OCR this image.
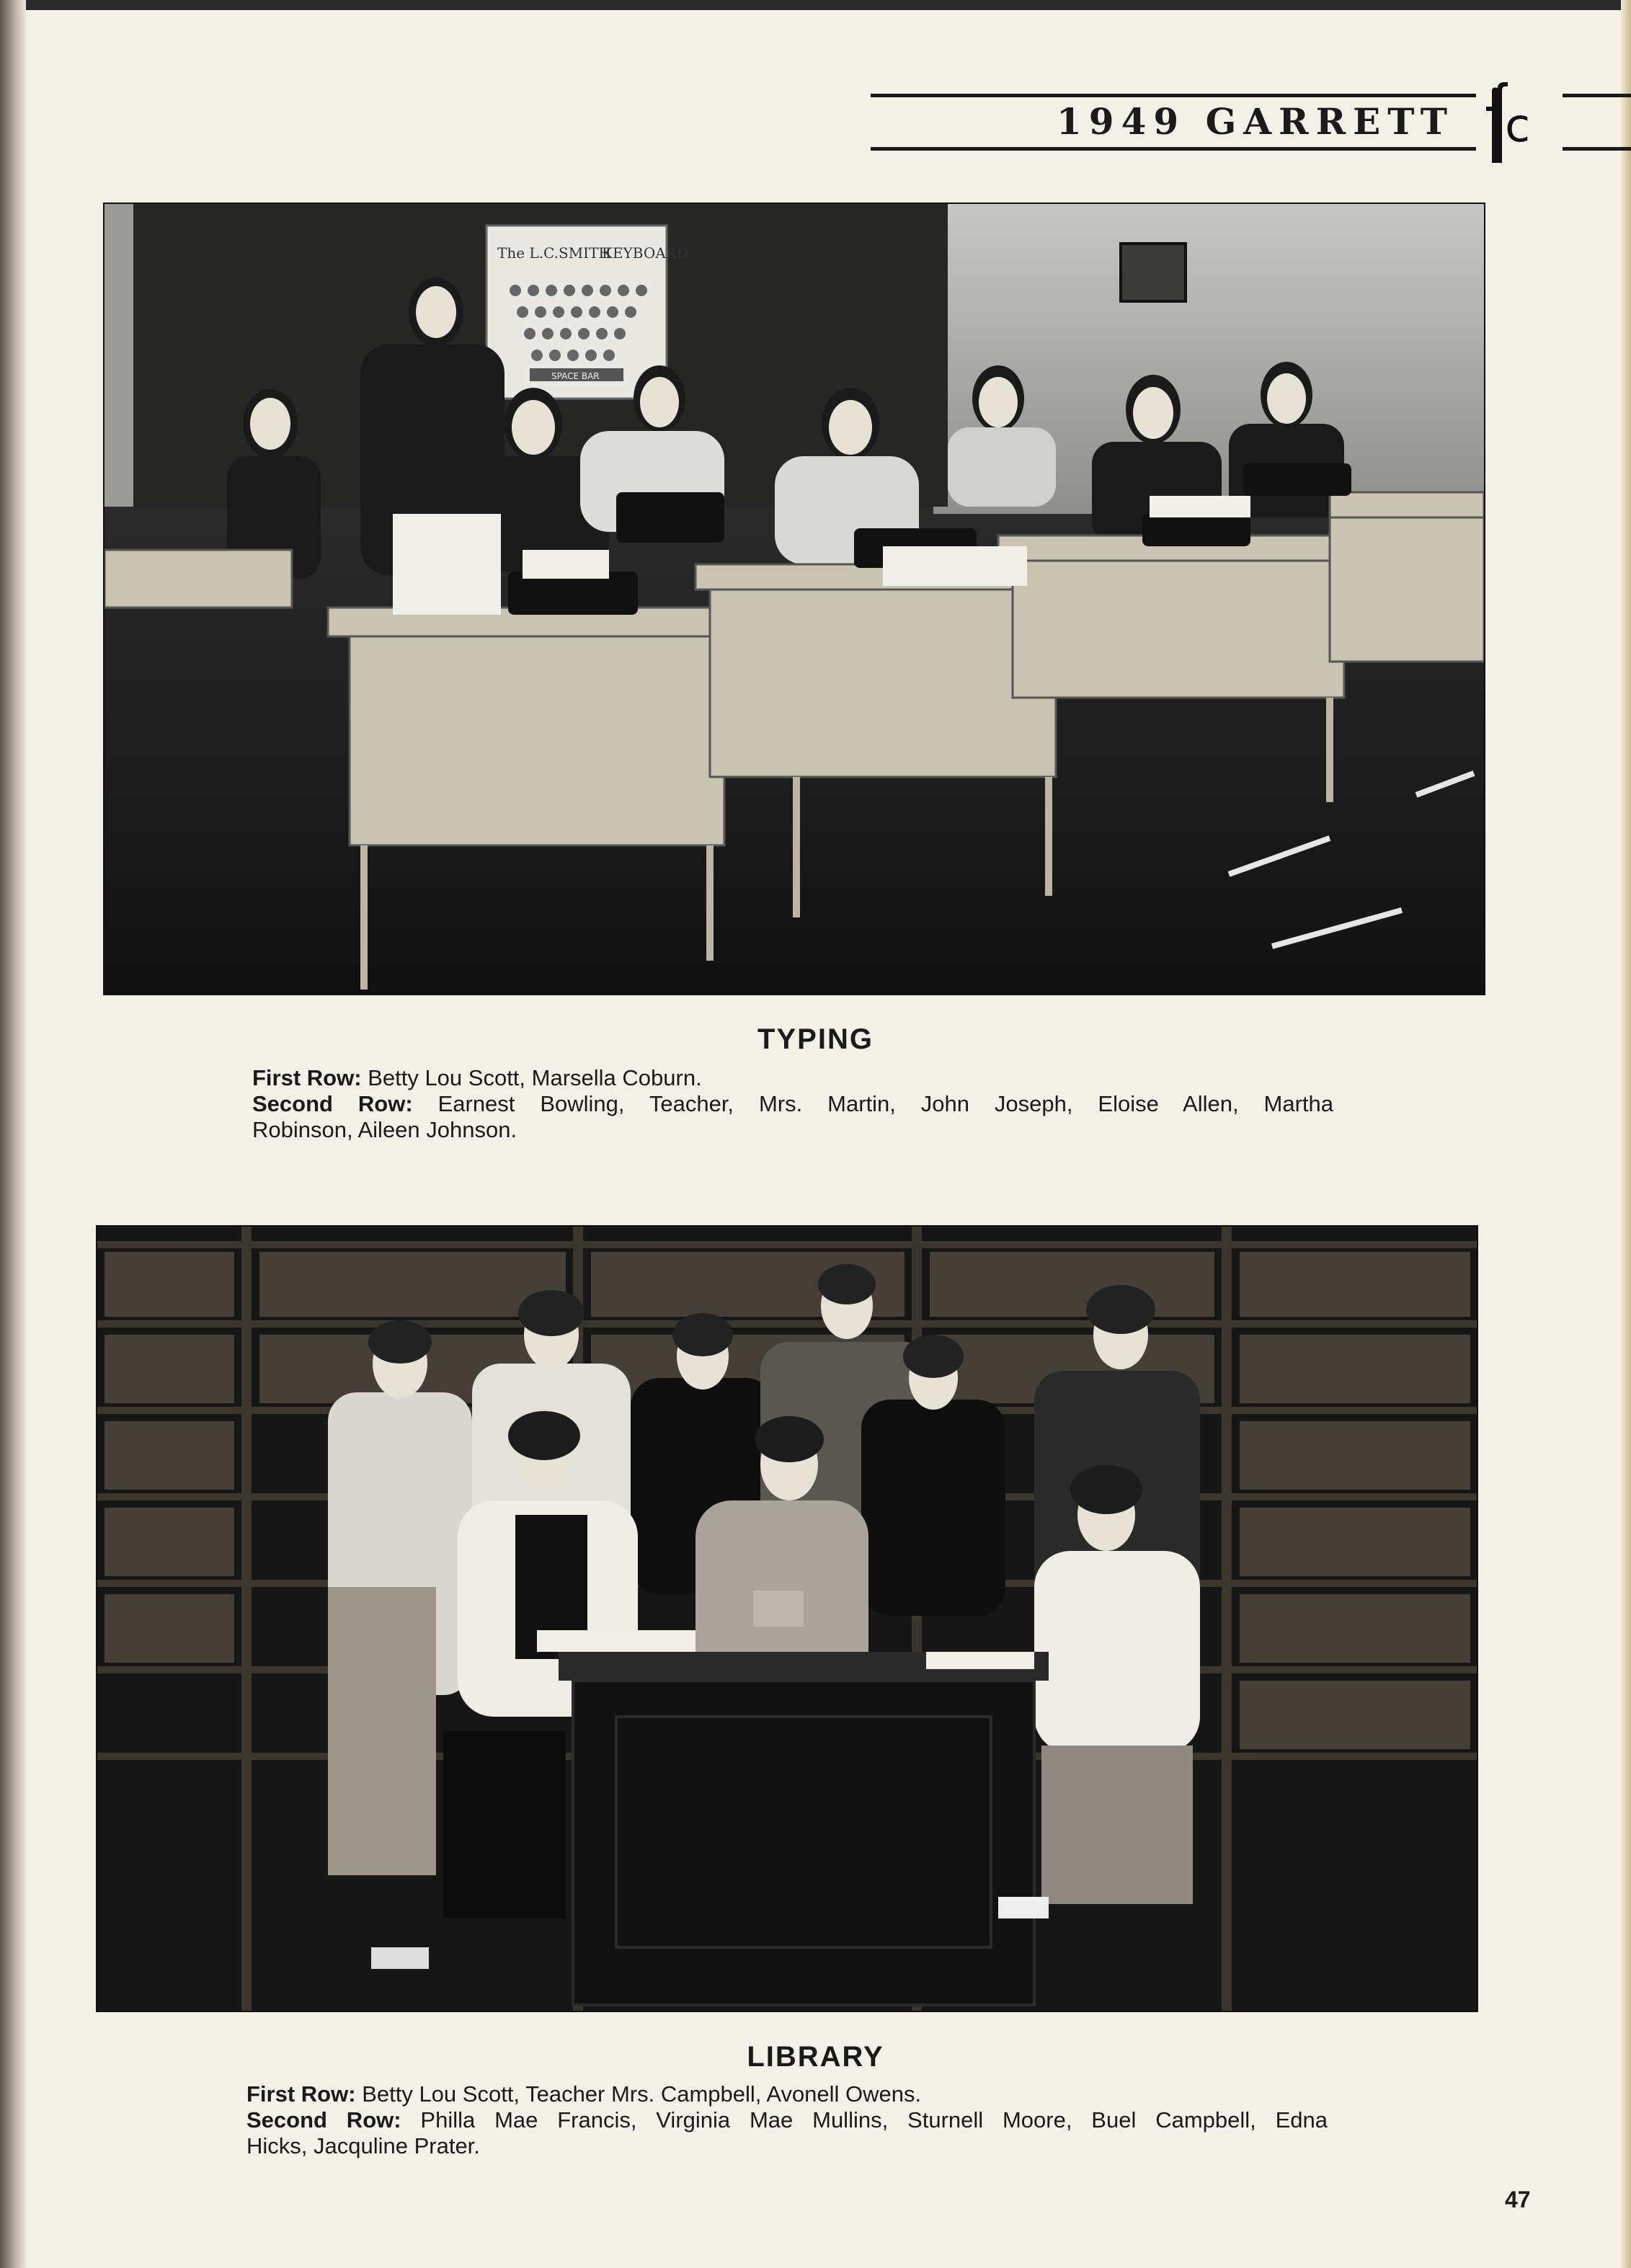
1949 GARRETT c
The L.C.SMITH
KEYBOARD
SPACE BAR
TYPING
First Row: Betty Lou Scott, Marsella Coburn.
Second Row: Earnest Bowling, Teacher, Mrs. Martin, John Joseph, Eloise Allen, Martha
Robinson, Aileen Johnson.
LIBRARY
First Row: Betty Lou Scott, Teacher Mrs. Campbell, Avonell Owens.
Second Row: Philla Mae Francis, Virginia Mae Mullins, Sturnell Moore, Buel Campbell, Edna
Hicks, Jacquline Prater.
47
